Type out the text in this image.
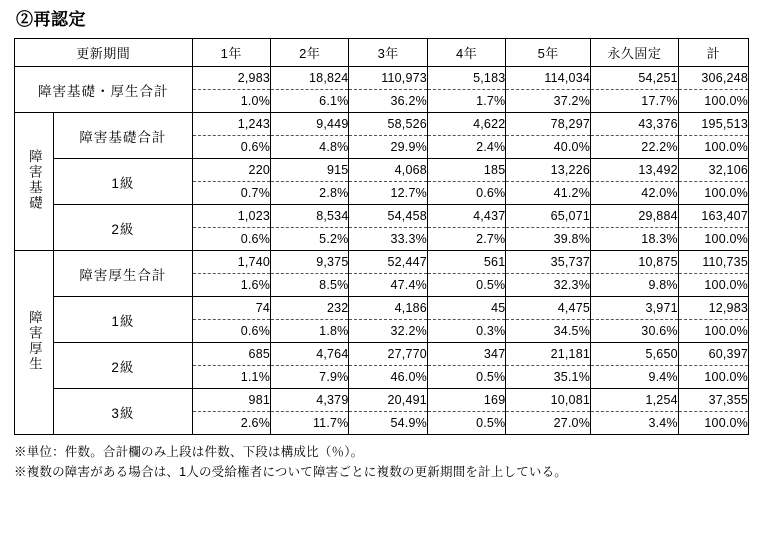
②再認定
更新期間		1年	2年	3年	4年	5年	永久固定	計
障害基礎・厚生合計		2,983	18,824	110,973	5,183	114,034	54,251	306,248
		1.0%	6.1%	36.2%	1.7%	37.2%	17.7%	100.0%
障害基礎	障害基礎合計	1,243	9,449	58,526	4,622	78,297	43,376	195,513
		0.6%	4.8%	29.9%	2.4%	40.0%	22.2%	100.0%
	1級	220	915	4,068	185	13,226	13,492	32,106
		0.7%	2.8%	12.7%	0.6%	41.2%	42.0%	100.0%
	2級	1,023	8,534	54,458	4,437	65,071	29,884	163,407
		0.6%	5.2%	33.3%	2.7%	39.8%	18.3%	100.0%
障害厚生	障害厚生合計	1,740	9,375	52,447	561	35,737	10,875	110,735
		1.6%	8.5%	47.4%	0.5%	32.3%	9.8%	100.0%
	1級	74	232	4,186	45	4,475	3,971	12,983
		0.6%	1.8%	32.2%	0.3%	34.5%	30.6%	100.0%
	2級	685	4,764	27,770	347	21,181	5,650	60,397
		1.1%	7.9%	46.0%	0.5%	35.1%	9.4%	100.0%
	3級	981	4,379	20,491	169	10,081	1,254	37,355
		2.6%	11.7%	54.9%	0.5%	27.0%	3.4%	100.0%
※単位：件数。合計欄のみ上段は件数、下段は構成比（％）。
※複数の障害がある場合は、1人の受給権者について障害ごとに複数の更新期間を計上している。
